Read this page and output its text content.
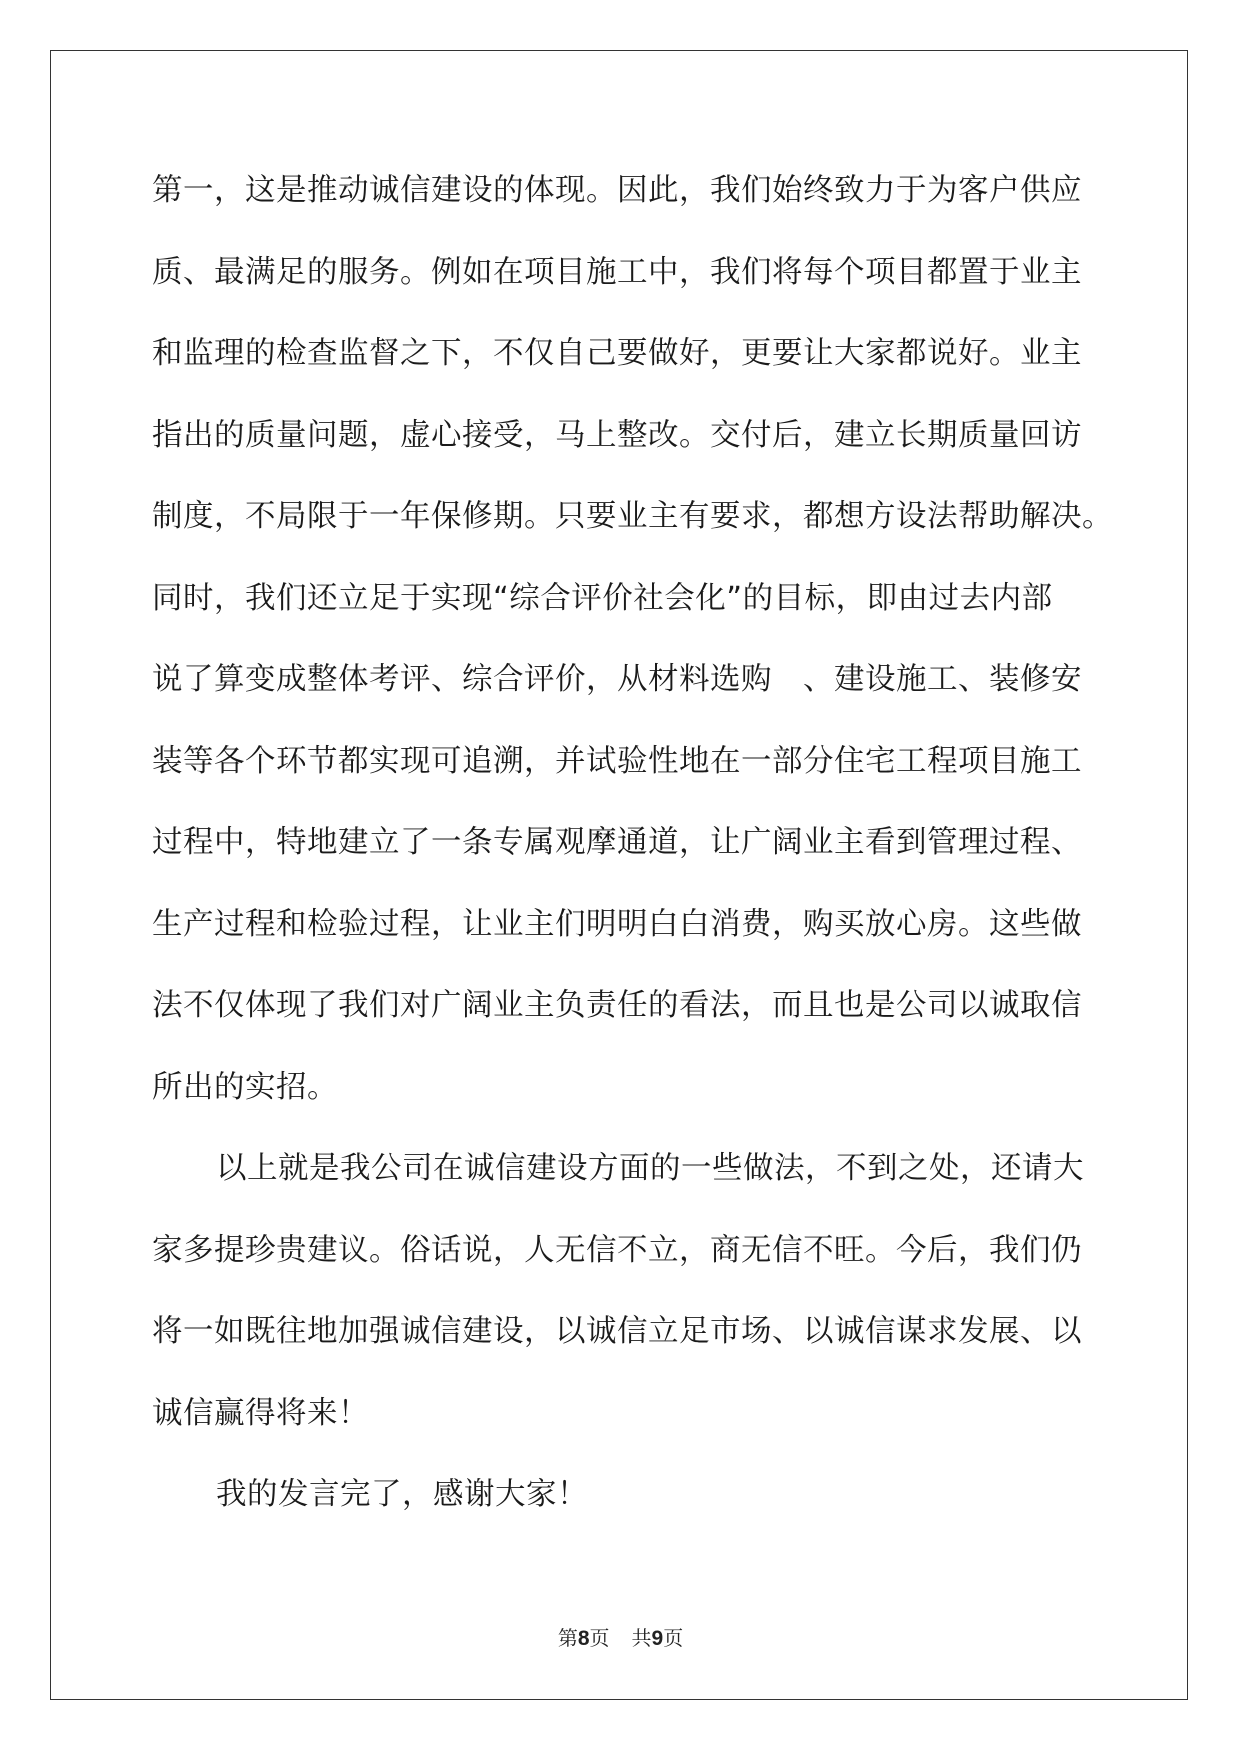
第一，这是推动诚信建设的体现。因此，我们始终致力于为客户供应
质、最满足的服务。例如在项目施工中，我们将每个项目都置于业主
和监理的检查监督之下，不仅自己要做好，更要让大家都说好。业主
指出的质量问题，虚心接受，马上整改。交付后，建立长期质量回访
制度，不局限于一年保修期。只要业主有要求，都想方设法帮助解决。
同时，我们还立足于实现“综合评价社会化”的目标，即由过去内部
说了算变成整体考评、综合评价，从材料选购　、建设施工、装修安
装等各个环节都实现可追溯，并试验性地在一部分住宅工程项目施工
过程中，特地建立了一条专属观摩通道，让广阔业主看到管理过程、
生产过程和检验过程，让业主们明明白白消费，购买放心房。这些做
法不仅体现了我们对广阔业主负责任的看法，而且也是公司以诚取信
所出的实招。
以上就是我公司在诚信建设方面的一些做法，不到之处，还请大
家多提珍贵建议。俗话说，人无信不立，商无信不旺。今后，我们仍
将一如既往地加强诚信建设，以诚信立足市场、以诚信谋求发展、以
诚信赢得将来！
我的发言完了，感谢大家！
第8页 共9页
